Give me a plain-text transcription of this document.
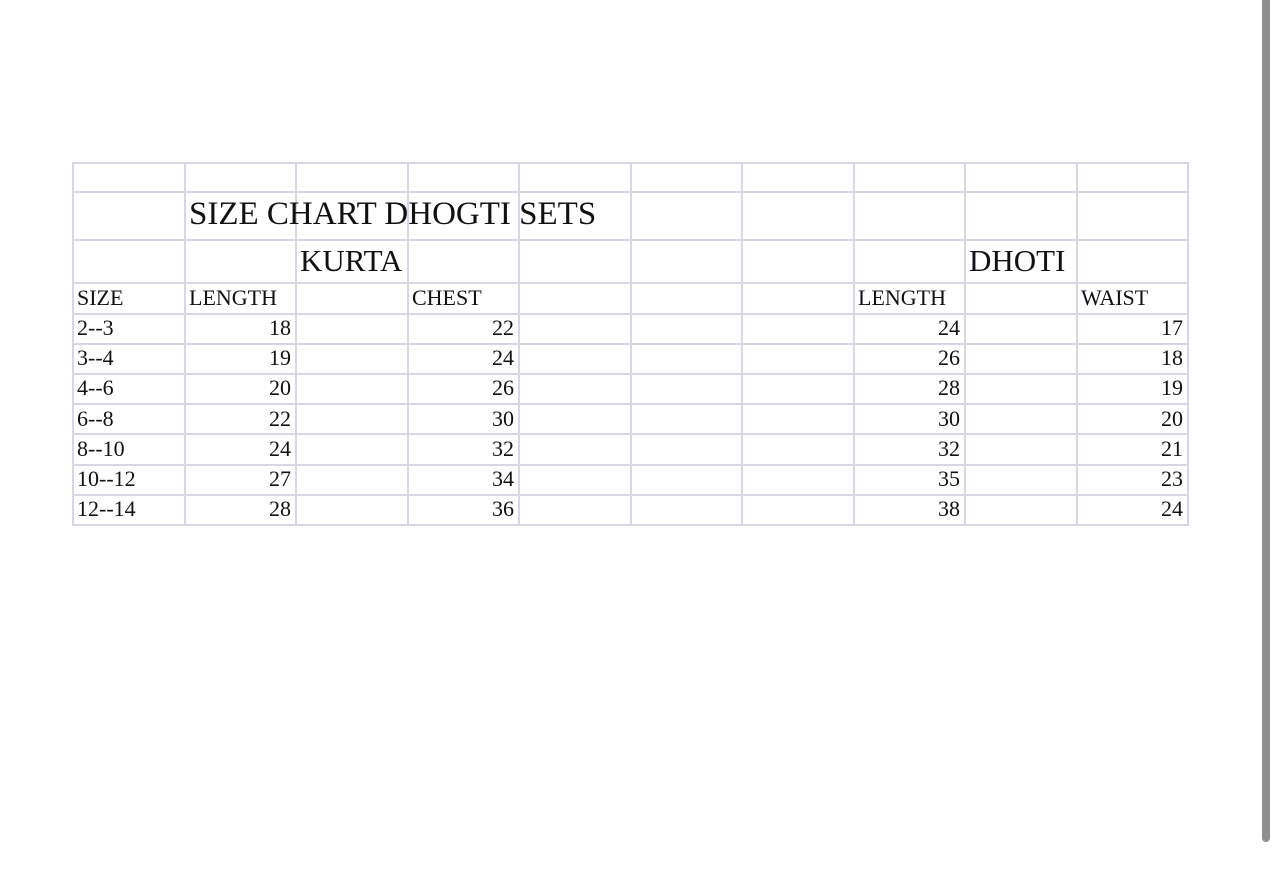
SIZE CHART DHOGTI SETS
KURTA	DHOTI
SIZE	LENGTH	CHEST	LENGTH	WAIST
2--3	18	22	24	17
3--4	19	24	26	18
4--6	20	26	28	19
6--8	22	30	30	20
8--10	24	32	32	21
10--12	27	34	35	23
12--14	28	36	38	24
